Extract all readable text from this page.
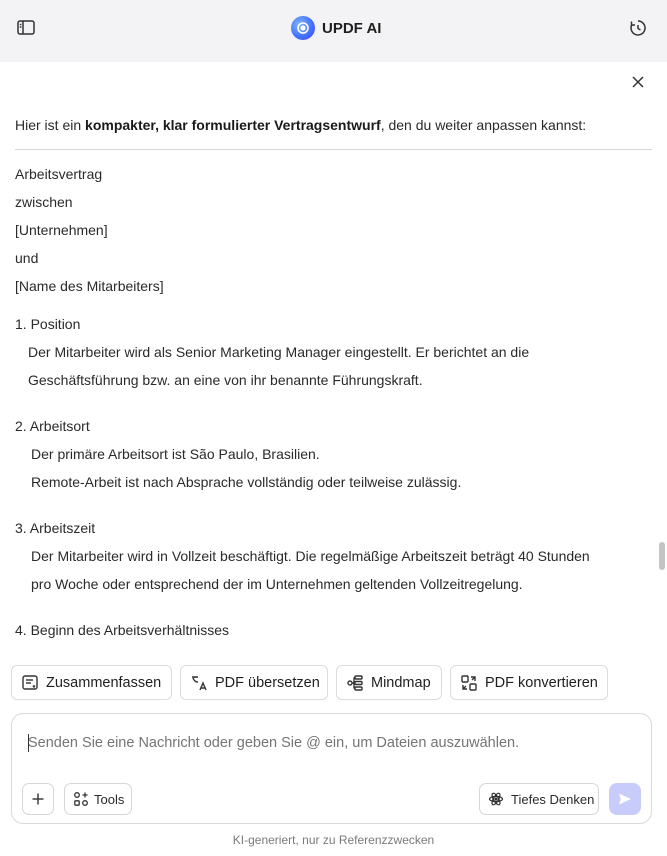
UPDF AI
Hier ist ein kompakter, klar formulierter Vertragsentwurf, den du weiter anpassen kannst:
Arbeitsvertrag
zwischen
[Unternehmen]
und
[Name des Mitarbeiters]
1. Position
Der Mitarbeiter wird als Senior Marketing Manager eingestellt. Er berichtet an die
Geschäftsführung bzw. an eine von ihr benannte Führungskraft.
2. Arbeitsort
Der primäre Arbeitsort ist São Paulo, Brasilien.
Remote-Arbeit ist nach Absprache vollständig oder teilweise zulässig.
3. Arbeitszeit
Der Mitarbeiter wird in Vollzeit beschäftigt. Die regelmäßige Arbeitszeit beträgt 40 Stunden
pro Woche oder entsprechend der im Unternehmen geltenden Vollzeitregelung.
4. Beginn des Arbeitsverhältnisses
Zusammenfassen	PDF übersetzen	Mindmap	PDF konvertieren
Senden Sie eine Nachricht oder geben Sie @ ein, um Dateien auszuwählen.
Tools	Tiefes Denken
KI-generiert, nur zu Referenzzwecken
